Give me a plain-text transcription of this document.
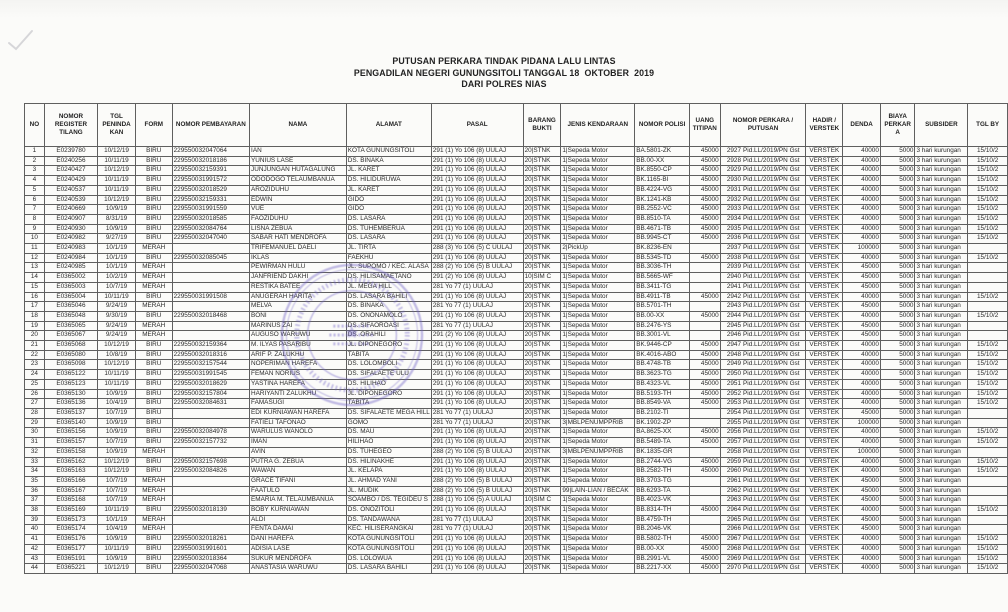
PUTUSAN PERKARA TINDAK PIDANA LALU LINTAS
PENGADILAN NEGERI GUNUNGSITOLI TANGGAL 18  OKTOBER  2019
DARI POLRES NIAS
NO	NOMOR REGISTER TILANG	TGL PENINDAKAN	FORM	NOMOR PEMBAYARAN	NAMA	ALAMAT	PASAL	BARANG BUKTI	JENIS KENDARAAN	NOMOR POLISI	UANG TITIPAN	NOMOR PERKARA / PUTUSAN		HADIR / VERSTEK	DENDA	BIAYA PERKARA	SUBSIDER	TGL BY
1	E0239780	10/12/19	BIRU	229550032047064	IAN	KOTA GUNUNGSITOLI	291 (1) Yo 106 (8) UULAJ	20|STNK	1|Sepeda Motor	BA.5801-ZK	45000	2927	Pid.LL/2019/PN Gst	VERSTEK	40000	5000	3 hari kurungan	15/10/2
2	E0240256	10/11/19	BIRU	229550032018186	YUNIUS LASE	DS. BINAKA	291 (1) Yo 106 (8) UULAJ	20|STNK	1|Sepeda Motor	BB.00-XX	45000	2928	Pid.LL/2019/PN Gst	VERSTEK	40000	5000	3 hari kurungan	15/10/2
3	E0240427	10/12/19	BIRU	229550032159391	JUNJUNGAN HUTAGALUNG	JL. KARET	291 (1) Yo 106 (8) UULAJ	20|STNK	1|Sepeda Motor	BK.8550-CP	45000	2929	Pid.LL/2019/PN Gst	VERSTEK	40000	5000	3 hari kurungan	15/10/2
4	E0240429	10/11/19	BIRU	229550031991572	ODODOGO TELAUMBANUA	DS. HILIDURUWA	291 (1) Yo 106 (8) UULAJ	20|STNK	1|Sepeda Motor	BK.1165-BI	45000	2930	Pid.LL/2019/PN Gst	VERSTEK	40000	5000	3 hari kurungan	15/10/2
5	E0240537	10/11/19	BIRU	229550032018529	AROZIDUHU	JL. KARET	291 (1) Yo 106 (8) UULAJ	20|STNK	1|Sepeda Motor	BB.4224-VG	45000	2931	Pid.LL/2019/PN Gst	VERSTEK	40000	5000	3 hari kurungan	15/10/2
6	E0240539	10/12/19	BIRU	229550032159331	EDWIN	GIDO	291 (1) Yo 106 (8) UULAJ	20|STNK	1|Sepeda Motor	BK.1241-KB	45000	2932	Pid.LL/2019/PN Gst	VERSTEK	40000	5000	3 hari kurungan	15/10/2
7	E0240669	10/9/19	BIRU	229550031991559	VUE	GIDO	291 (1) Yo 106 (8) UULAJ	20|STNK	1|Sepeda Motor	BB.2552-VC	45000	2933	Pid.LL/2019/PN Gst	VERSTEK	40000	5000	3 hari kurungan	15/10/2
8	E0240907	8/31/19	BIRU	229550032018585	FAOZIDUHU	DS. LASARA	291 (1) Yo 106 (8) UULAJ	20|STNK	1|Sepeda Motor	BB.8510-TA	45000	2934	Pid.LL/2019/PN Gst	VERSTEK	40000	5000	3 hari kurungan	15/10/2
9	E0240930	10/9/19	BIRU	229550032084764	LISNA ZEBUA	DS. TUHEMBERUA	291 (1) Yo 106 (8) UULAJ	20|STNK	1|Sepeda Motor	BB.4671-TB	45000	2935	Pid.LL/2019/PN Gst	VERSTEK	40000	5000	3 hari kurungan	15/10/2
10	E0240982	9/27/19	BIRU	229550032047040	SABAR HATI MENDROFA	DS. LASARA	291 (1) Yo 106 (8) UULAJ	20|STNK	1|Sepeda Motor	BB.9945-CT	45000	2936	Pid.LL/2019/PN Gst	VERSTEK	40000	5000	3 hari kurungan	15/10/2
11	E0240983	10/1/19	MERAH		TRIFEMANUEL DAELI	JL. TIRTA	288 (3) Yo 106 (5) C UULAJ	20|STNK	2|PickUp	BK.8236-EN		2937	Pid.LL/2019/PN Gst	VERSTEK	100000	5000	3 hari kurungan	
12	E0240984	10/1/19	BIRU	229550032085045	IKLAS	FAEKHU	291 (1) Yo 106 (8) UULAJ	20|STNK	1|Sepeda Motor	BB.5345-TD	45000	2938	Pid.LL/2019/PN Gst	VERSTEK	40000	5000	3 hari kurungan	15/10/2
13	E0240985	10/1/19	MERAH		PEWIRMAN HULU	JL. SUPOMO / KEC. ALASA	288 (2) Yo 106 (5) B UULAJ	20|STNK	1|Sepeda Motor	BB.3036-TH		2939	Pid.LL/2019/PN Gst	VERSTEK	45000	5000	3 hari kurungan	
14	E0365002	10/2/19	MERAH		JANFRIEND DAKHI	DS. HILISAMAETANO	291 (2) Yo 106 (8) UULAJ	10|SIM C	1|Sepeda Motor	BB.5665-WF		2940	Pid.LL/2019/PN Gst	VERSTEK	45000	5000	3 hari kurungan	
15	E0365003	10/7/19	MERAH		RESTIKA BATEE	JL. MEGA HILL	281 Yo 77 (1) UULAJ	20|STNK	1|Sepeda Motor	BB.3411-TG		2941	Pid.LL/2019/PN Gst	VERSTEK	45000	5000	3 hari kurungan	
16	E0365004	10/11/19	BIRU	229550031991508	ANUGERAH HARITA	DS. LASARA BAHILI	291 (1) Yo 106 (8) UULAJ	20|STNK	1|Sepeda Motor	BB.4911-TB	45000	2942	Pid.LL/2019/PN Gst	VERSTEK	40000	5000	3 hari kurungan	15/10/2
17	E0365046	9/24/19	MERAH		MELVA	DS. BINAKA	281 Yo 77 (1) UULAJ	20|STNK	1|Sepeda Motor	BB.5701-TH		2943	Pid.LL/2019/PN Gst	VERSTEK	45000	5000	3 hari kurungan	
18	E0365048	9/30/19	BIRU	229550032018468	BONI	DS. ONONAMOLO	291 (1) Yo 106 (8) UULAJ	20|STNK	1|Sepeda Motor	BB.00-XX	45000	2944	Pid.LL/2019/PN Gst	VERSTEK	40000	5000	3 hari kurungan	15/10/2
19	E0365065	9/24/19	MERAH		MARINUS ZAI	DS. SIFAOROASI	281 Yo 77 (1) UULAJ	20|STNK	1|Sepeda Motor	BB.2476-YS		2945	Pid.LL/2019/PN Gst	VERSTEK	45000	5000	3 hari kurungan	
20	E0365067	9/24/19	MERAH		AUGUSO WARUWU	DS. ORAHILI	291 (2) Yo 106 (8) UULAJ	20|STNK	1|Sepeda Motor	BB.3001-VL		2946	Pid.LL/2019/PN Gst	VERSTEK	45000	5000	3 hari kurungan	
21	E0365068	10/12/19	BIRU	229550032159364	M. ILYAS PASARIBU	JL. DIPONEGORO	291 (1) Yo 106 (8) UULAJ	20|STNK	1|Sepeda Motor	BK.9446-CP	45000	2947	Pid.LL/2019/PN Gst	VERSTEK	40000	5000	3 hari kurungan	15/10/2
22	E0365080	10/8/19	BIRU	229550032018316	ARIF P. ZALUKHU	TABITA	291 (1) Yo 106 (8) UULAJ	20|STNK	1|Sepeda Motor	BK.4016-ABO	45000	2948	Pid.LL/2019/PN Gst	VERSTEK	40000	5000	3 hari kurungan	15/10/2
23	E0365098	10/12/19	BIRU	229550032157544	NOPERIMAN HAREFA	DS. LOLOMBOLI	291 (1) Yo 106 (8) UULAJ	20|STNK	1|Sepeda Motor	BB.4748-TB	45000	2949	Pid.LL/2019/PN Gst	VERSTEK	40000	5000	3 hari kurungan	15/10/2
24	E0365122	10/11/19	BIRU	229550031991545	FEMAN NORIUS	DS. SIFALAETE ULU	291 (1) Yo 106 (8) UULAJ	20|STNK	1|Sepeda Motor	BB.3623-TG	45000	2950	Pid.LL/2019/PN Gst	VERSTEK	40000	5000	3 hari kurungan	15/10/2
25	E0365123	10/11/19	BIRU	229550032018629	YASTINA HAREFA	DS. HILIHAO	291 (1) Yo 106 (8) UULAJ	20|STNK	1|Sepeda Motor	BB.4323-VL	45000	2951	Pid.LL/2019/PN Gst	VERSTEK	40000	5000	3 hari kurungan	15/10/2
26	E0365130	10/9/19	BIRU	229550032157804	HARIYANTI ZALUKHU	JL. DIPONEGORO	291 (1) Yo 106 (8) UULAJ	20|STNK	1|Sepeda Motor	BB.5193-TH	45000	2952	Pid.LL/2019/PN Gst	VERSTEK	40000	5000	3 hari kurungan	15/10/2
27	E0365136	10/4/19	BIRU	229550032084631	FAMASUGI	TABITA	291 (1) Yo 106 (8) UULAJ	20|STNK	1|Sepeda Motor	BB.8549-VA	45000	2953	Pid.LL/2019/PN Gst	VERSTEK	40000	5000	3 hari kurungan	15/10/2
28	E0365137	10/7/19	BIRU		EDI KURNIAWAN HAREFA	DS. SIFALAETE MEGA HILL	281 Yo 77 (1) UULAJ	20|STNK	1|Sepeda Motor	BB.2102-TI		2954	Pid.LL/2019/PN Gst	VERSTEK	45000	5000	3 hari kurungan	
29	E0365140	10/9/19	BIRU		FATIELI TAFONAO	GOMO	281 Yo 77 (1) UULAJ	20|STNK	3|MBLPENUMPPRIB	BK.1902-ZP		2955	Pid.LL/2019/PN Gst	VERSTEK	100000	5000	3 hari kurungan	
30	E0365156	10/9/19	BIRU	229550032084978	WARULUS WANOLO	DS. MAU	291 (1) Yo 106 (8) UULAJ	20|STNK	1|Sepeda Motor	BA.8625-XX	45000	2956	Pid.LL/2019/PN Gst	VERSTEK	40000	5000	3 hari kurungan	15/10/2
31	E0365157	10/7/19	BIRU	229550032157732	IMAN	HILIHAO	291 (1) Yo 106 (8) UULAJ	20|STNK	1|Sepeda Motor	BB.5489-TA	45000	2957	Pid.LL/2019/PN Gst	VERSTEK	40000	5000	3 hari kurungan	15/10/2
32	E0365158	10/9/19	MERAH		AVIN	DS. TUHEGEO	288 (2) Yo 106 (5) B UULAJ	20|STNK	3|MBLPENUMPPRIB	BK.1835-GR		2958	Pid.LL/2019/PN Gst	VERSTEK	100000	5000	3 hari kurungan	
33	E0365162	10/12/19	BIRU	229550032157698	PUTRA G. ZEBUA	DS. HILINAKHE	291 (1) Yo 106 (8) UULAJ	20|STNK	1|Sepeda Motor	BB.2744-VG	45000	2959	Pid.LL/2019/PN Gst	VERSTEK	40000	5000	3 hari kurungan	15/10/2
34	E0365163	10/12/19	BIRU	229550032084826	WAWAN	JL. KELAPA	291 (1) Yo 106 (8) UULAJ	20|STNK	1|Sepeda Motor	BB.2582-TH	45000	2960	Pid.LL/2019/PN Gst	VERSTEK	40000	5000	3 hari kurungan	15/10/2
35	E0365166	10/7/19	MERAH		GRACE TIFANI	JL. AHMAD YANI	288 (2) Yo 106 (5) B UULAJ	20|STNK	1|Sepeda Motor	BB.3703-TG		2961	Pid.LL/2019/PN Gst	VERSTEK	45000	5000	3 hari kurungan	
36	E0365167	10/7/19	MERAH		FAATULO	JL. MUDIK	288 (2) Yo 106 (5) B UULAJ	20|STNK	99|LAIN-LIAN / BECAK	BB.6293-TA		2962	Pid.LL/2019/PN Gst	VERSTEK	45000	5000	3 hari kurungan	
37	E0365168	10/7/19	MERAH		EMARIA M. TELAUMBANUA	SOAMBO / DS. TEGIDEU S	288 (1) Yo 106 (5) A UULAJ	10|SIM C	1|Sepeda Motor	BB.4023-VK		2963	Pid.LL/2019/PN Gst	VERSTEK	45000	5000	3 hari kurungan	
38	E0365169	10/11/19	BIRU	229550032018139	BOBY KURNIAWAN	DS. ONOZITOLI	291 (1) Yo 106 (8) UULAJ	20|STNK	1|Sepeda Motor	BB.8314-TH	45000	2964	Pid.LL/2019/PN Gst	VERSTEK	40000	5000	3 hari kurungan	15/10/2
39	E0365173	10/1/19	MERAH		ALDI	DS. TANDAWANA	281 Yo 77 (1) UULAJ	20|STNK	1|Sepeda Motor	BB.4759-TH		2965	Pid.LL/2019/PN Gst	VERSTEK	45000	5000	3 hari kurungan	
40	E0365174	10/4/19	MERAH		FENTA DAMAI	KEC. HILISERANGKAI	281 Yo 77 (1) UULAJ	20|STNK	1|Sepeda Motor	BB.2046-VK		2966	Pid.LL/2019/PN Gst	VERSTEK	45000	5000	3 hari kurungan	
41	E0365176	10/9/19	BIRU	229550032018261	DANI HAREFA	KOTA GUNUNGSITOLI	291 (1) Yo 106 (8) UULAJ	20|STNK	1|Sepeda Motor	BB.5802-TH	45000	2967	Pid.LL/2019/PN Gst	VERSTEK	40000	5000	3 hari kurungan	15/10/2
42	E0365177	10/11/19	BIRU	229550031991601	ADISIA LASE	KOTA GUNUNGSITOLI	291 (1) Yo 106 (8) UULAJ	20|STNK	1|Sepeda Motor	BB.00-XX	45000	2968	Pid.LL/2019/PN Gst	VERSTEK	40000	5000	3 hari kurungan	15/10/2
43	E0365191	10/9/19	BIRU	229550032018364	SUKUR MENDROFA	DS. LOLOWUA	291 (1) Yo 106 (8) UULAJ	20|STNK	1|Sepeda Motor	BB.2991-VL	45000	2969	Pid.LL/2019/PN Gst	VERSTEK	40000	5000	3 hari kurungan	15/10/2
44	E0365221	10/12/19	BIRU	229550032047068	ANASTASIA WARUWU	DS. LASARA BAHILI	291 (1) Yo 106 (8) UULAJ	20|STNK	1|Sepeda Motor	BB.2217-XX	45000	2970	Pid.LL/2019/PN Gst	VERSTEK	40000	5000	3 hari kurungan	15/10/2
